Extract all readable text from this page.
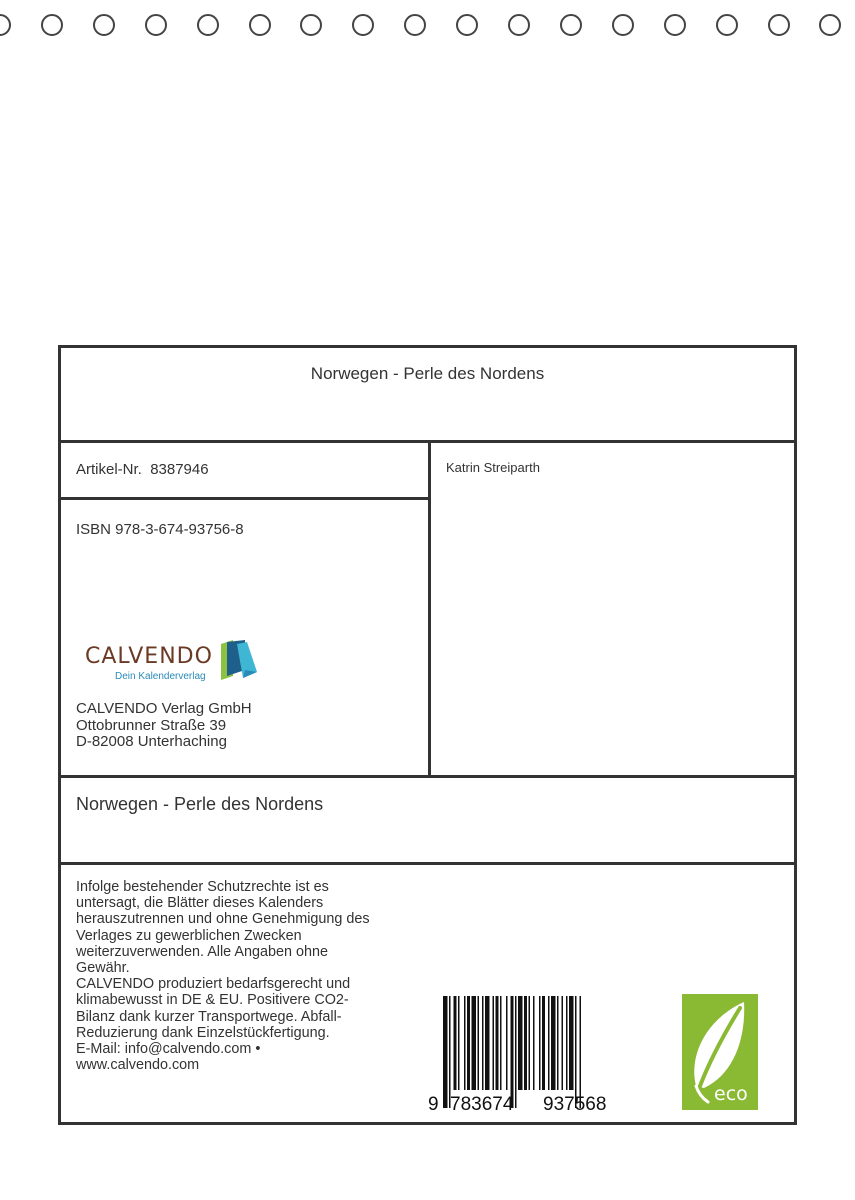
Norwegen - Perle des Nordens
Artikel-Nr. 8387946	Katrin Streiparth
ISBN 978-3-674-93756-8
CALVENDO
Dein Kalenderverlag
CALVENDO Verlag GmbH
Ottobrunner Straße 39
D-82008 Unterhaching
Norwegen - Perle des Nordens
Infolge bestehender Schutzrechte ist es
untersagt, die Blätter dieses Kalenders
herauszutrennen und ohne Genehmigung des
Verlages zu gewerblichen Zwecken
weiterzuverwenden. Alle Angaben ohne
Gewähr.
CALVENDO produziert bedarfsgerecht und
klimabewusst in DE & EU. Positivere CO2-
Bilanz dank kurzer Transportwege. Abfall-
Reduzierung dank Einzelstückfertigung.
E-Mail: info@calvendo.com •
www.calvendo.com
9 783674 937568	eco
